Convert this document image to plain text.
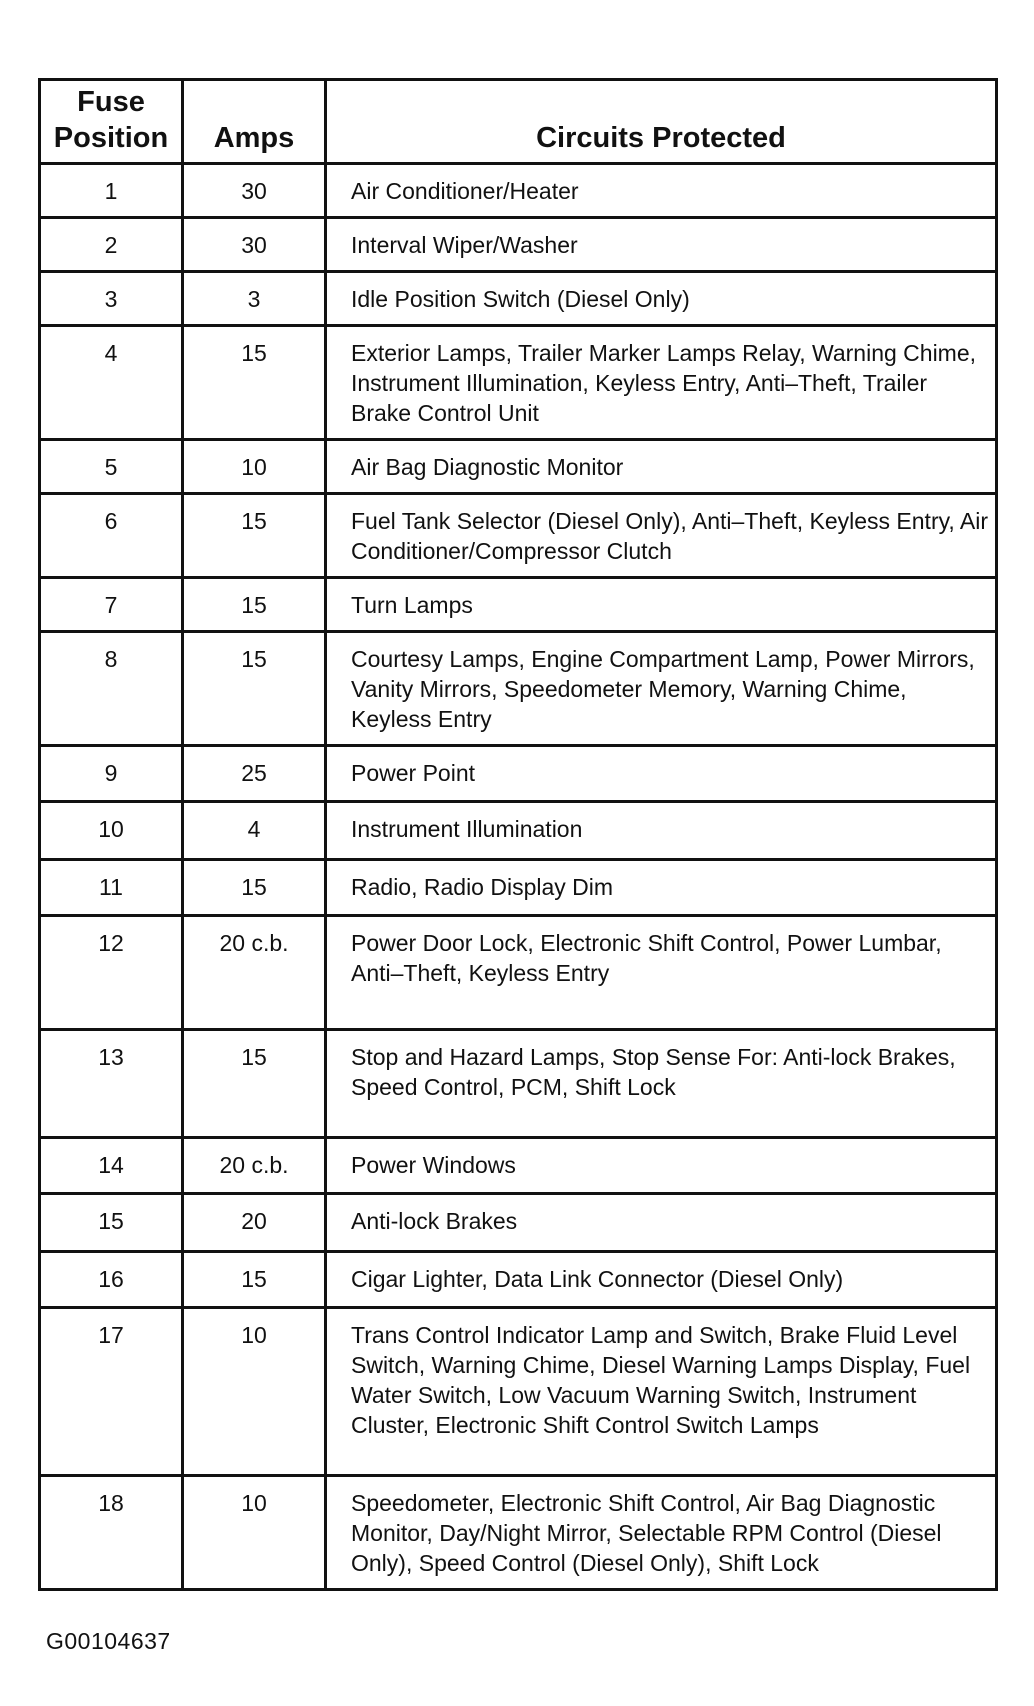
Fuse
Position	Amps	Circuits Protected
1	30	Air Conditioner/Heater
2	30	Interval Wiper/Washer
3	3	Idle Position Switch (Diesel Only)
4	15	Exterior Lamps, Trailer Marker Lamps Relay, Warning Chime, Instrument Illumination, Keyless Entry, Anti–Theft, Trailer Brake Control Unit
5	10	Air Bag Diagnostic Monitor
6	15	Fuel Tank Selector (Diesel Only), Anti–Theft, Keyless Entry, Air Conditioner/Compressor Clutch
7	15	Turn Lamps
8	15	Courtesy Lamps, Engine Compartment Lamp, Power Mirrors, Vanity Mirrors, Speedometer Memory, Warning Chime, Keyless Entry
9	25	Power Point
10	4	Instrument Illumination
11	15	Radio, Radio Display Dim
12	20 c.b.	Power Door Lock, Electronic Shift Control, Power Lumbar, Anti–Theft, Keyless Entry
13	15	Stop and Hazard Lamps, Stop Sense For: Anti-lock Brakes, Speed Control, PCM, Shift Lock
14	20 c.b.	Power Windows
15	20	Anti-lock Brakes
16	15	Cigar Lighter, Data Link Connector (Diesel Only)
17	10	Trans Control Indicator Lamp and Switch, Brake Fluid Level Switch, Warning Chime, Diesel Warning Lamps Display, Fuel Water Switch, Low Vacuum Warning Switch, Instrument Cluster, Electronic Shift Control Switch Lamps
18	10	Speedometer, Electronic Shift Control, Air Bag Diagnostic Monitor, Day/Night Mirror, Selectable RPM Control (Diesel Only), Speed Control (Diesel Only), Shift Lock
G00104637
